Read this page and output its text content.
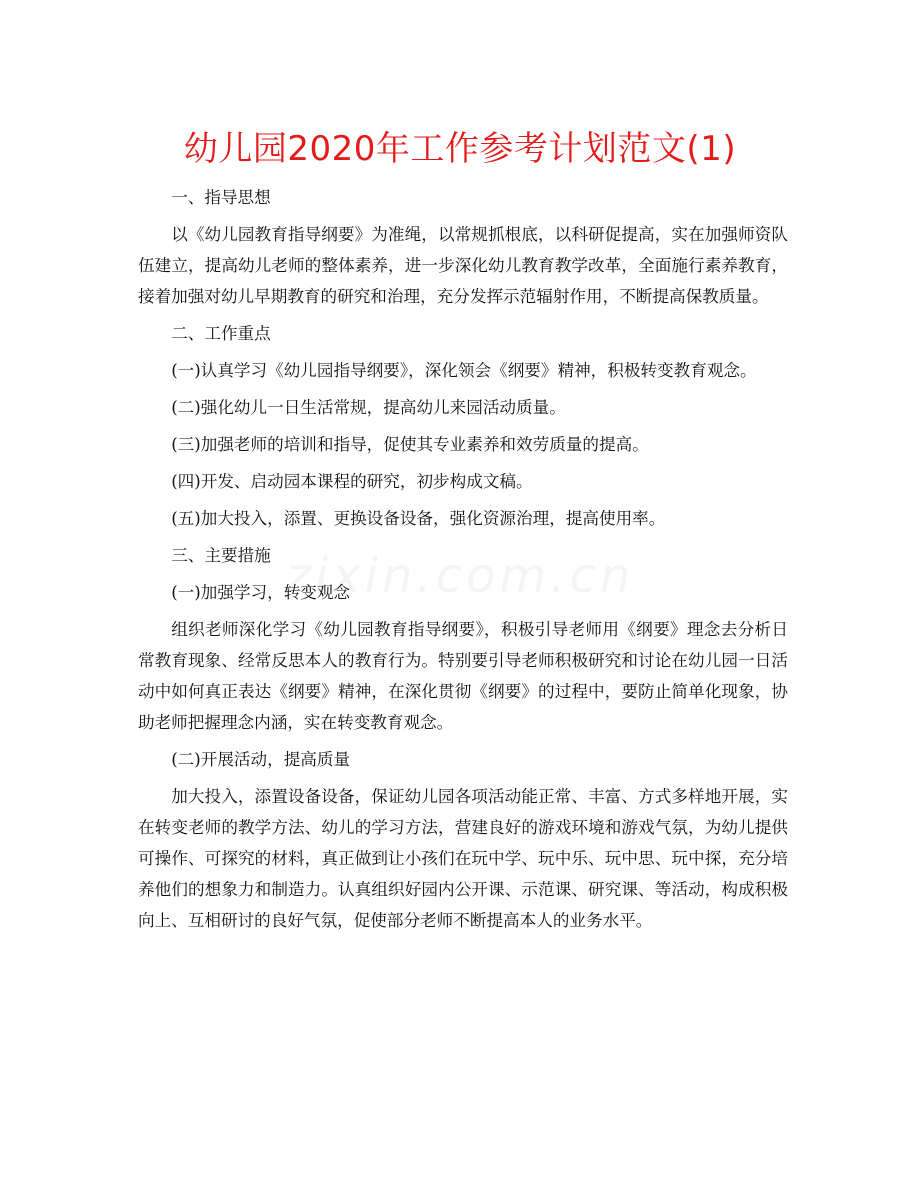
幼儿园2020年工作参考计划范文(1)

一、指导思想

以《幼儿园教育指导纲要》为准绳，以常规抓根底，以科研促提高，实在加强师资队伍建立，提高幼儿老师的整体素养，进一步深化幼儿教育教学改革，全面施行素养教育，接着加强对幼儿早期教育的研究和治理，充分发挥示范辐射作用，不断提高保教质量。

二、工作重点

(一)认真学习《幼儿园指导纲要》，深化领会《纲要》精神，积极转变教育观念。

(二)强化幼儿一日生活常规，提高幼儿来园活动质量。

(三)加强老师的培训和指导，促使其专业素养和效劳质量的提高。

(四)开发、启动园本课程的研究，初步构成文稿。

(五)加大投入，添置、更换设备设备，强化资源治理，提高使用率。

三、主要措施

(一)加强学习，转变观念

组织老师深化学习《幼儿园教育指导纲要》，积极引导老师用《纲要》理念去分析日常教育现象、经常反思本人的教育行为。特别要引导老师积极研究和讨论在幼儿园一日活动中如何真正表达《纲要》精神，在深化贯彻《纲要》的过程中，要防止简单化现象，协助老师把握理念内涵，实在转变教育观念。

(二)开展活动，提高质量

加大投入，添置设备设备，保证幼儿园各项活动能正常、丰富、方式多样地开展，实在转变老师的教学方法、幼儿的学习方法，营建良好的游戏环境和游戏气氛，为幼儿提供可操作、可探究的材料，真正做到让小孩们在玩中学、玩中乐、玩中思、玩中探，充分培养他们的想象力和制造力。认真组织好园内公开课、示范课、研究课、等活动，构成积极向上、互相研讨的良好气氛，促使部分老师不断提高本人的业务水平。
